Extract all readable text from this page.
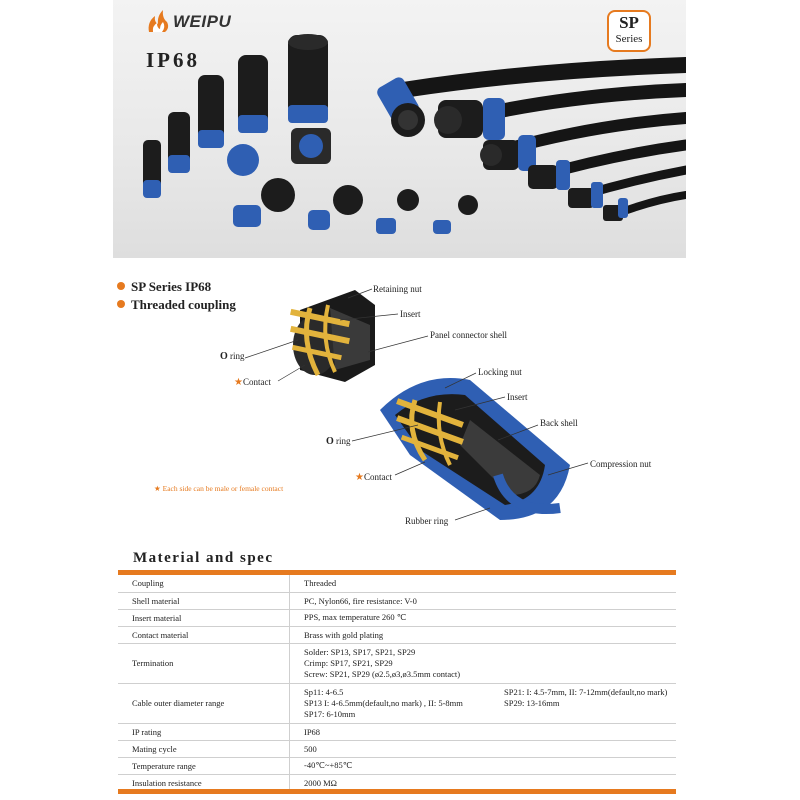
WEIPU
IP68
SP
Series
SP Series IP68
Threaded coupling
Retaining nut
Insert
Panel connector shell
O ring
★Contact
Locking nut
Insert
Back shell
Compression nut
O ring
★Contact
Rubber ring
★ Each side can be male or female contact
Material and spec
Coupling	Threaded
Shell material	PC, Nylon66, fire resistance: V-0
Insert material	PPS, max temperature 260 ℃
Contact material	Brass with gold plating
Termination	Solder: SP13, SP17, SP21, SP29
Crimp: SP17, SP21, SP29
Screw: SP21, SP29 (ø2.5,ø3,ø3.5mm contact)

Cable outer diameter range	Sp11: 4-6.5
SP13 I: 4-6.5mm(default,no mark) , II: 5-8mm
SP17: 6-10mm
SP21: I: 4.5-7mm, II: 7-12mm(default,no mark)
SP29: 13-16mm

IP rating	IP68
Mating cycle	500
Temperature range	-40℃~+85℃
Insulation resistance	2000 MΩ
